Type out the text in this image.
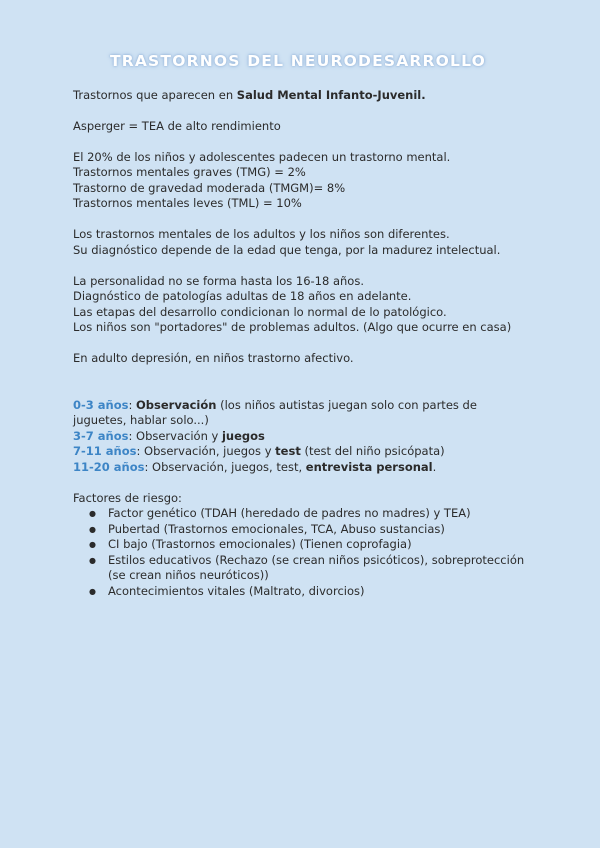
TRASTORNOS DEL NEURODESARROLLO

Trastornos que aparecen en Salud Mental Infanto-Juvenil.

Asperger = TEA de alto rendimiento

El 20% de los niños y adolescentes padecen un trastorno mental.

Trastornos mentales graves (TMG) = 2%

Trastorno de gravedad moderada (TMGM)= 8%

Trastornos mentales leves (TML) = 10%

Los trastornos mentales de los adultos y los niños son diferentes.

Su diagnóstico depende de la edad que tenga, por la madurez intelectual.

La personalidad no se forma hasta los 16-18 años.

Diagnóstico de patologías adultas de 18 años en adelante.

Las etapas del desarrollo condicionan lo normal de lo patológico.

Los niños son "portadores" de problemas adultos. (Algo que ocurre en casa)

En adulto depresión, en niños trastorno afectivo.

0-3 años: Observación (los niños autistas juegan solo con partes de juguetes, hablar solo...)

3-7 años: Observación y juegos

7-11 años: Observación, juegos y test (test del niño psicópata)

11-20 años: Observación, juegos, test, entrevista personal.

Factores de riesgo:

● Factor genético (TDAH (heredado de padres no madres) y TEA)
● Pubertad (Trastornos emocionales, TCA, Abuso sustancias)
● CI bajo (Trastornos emocionales) (Tienen coprofagia)
● Estilos educativos (Rechazo (se crean niños psicóticos), sobreprotección (se crean niños neuróticos))
● Acontecimientos vitales (Maltrato, divorcios)
